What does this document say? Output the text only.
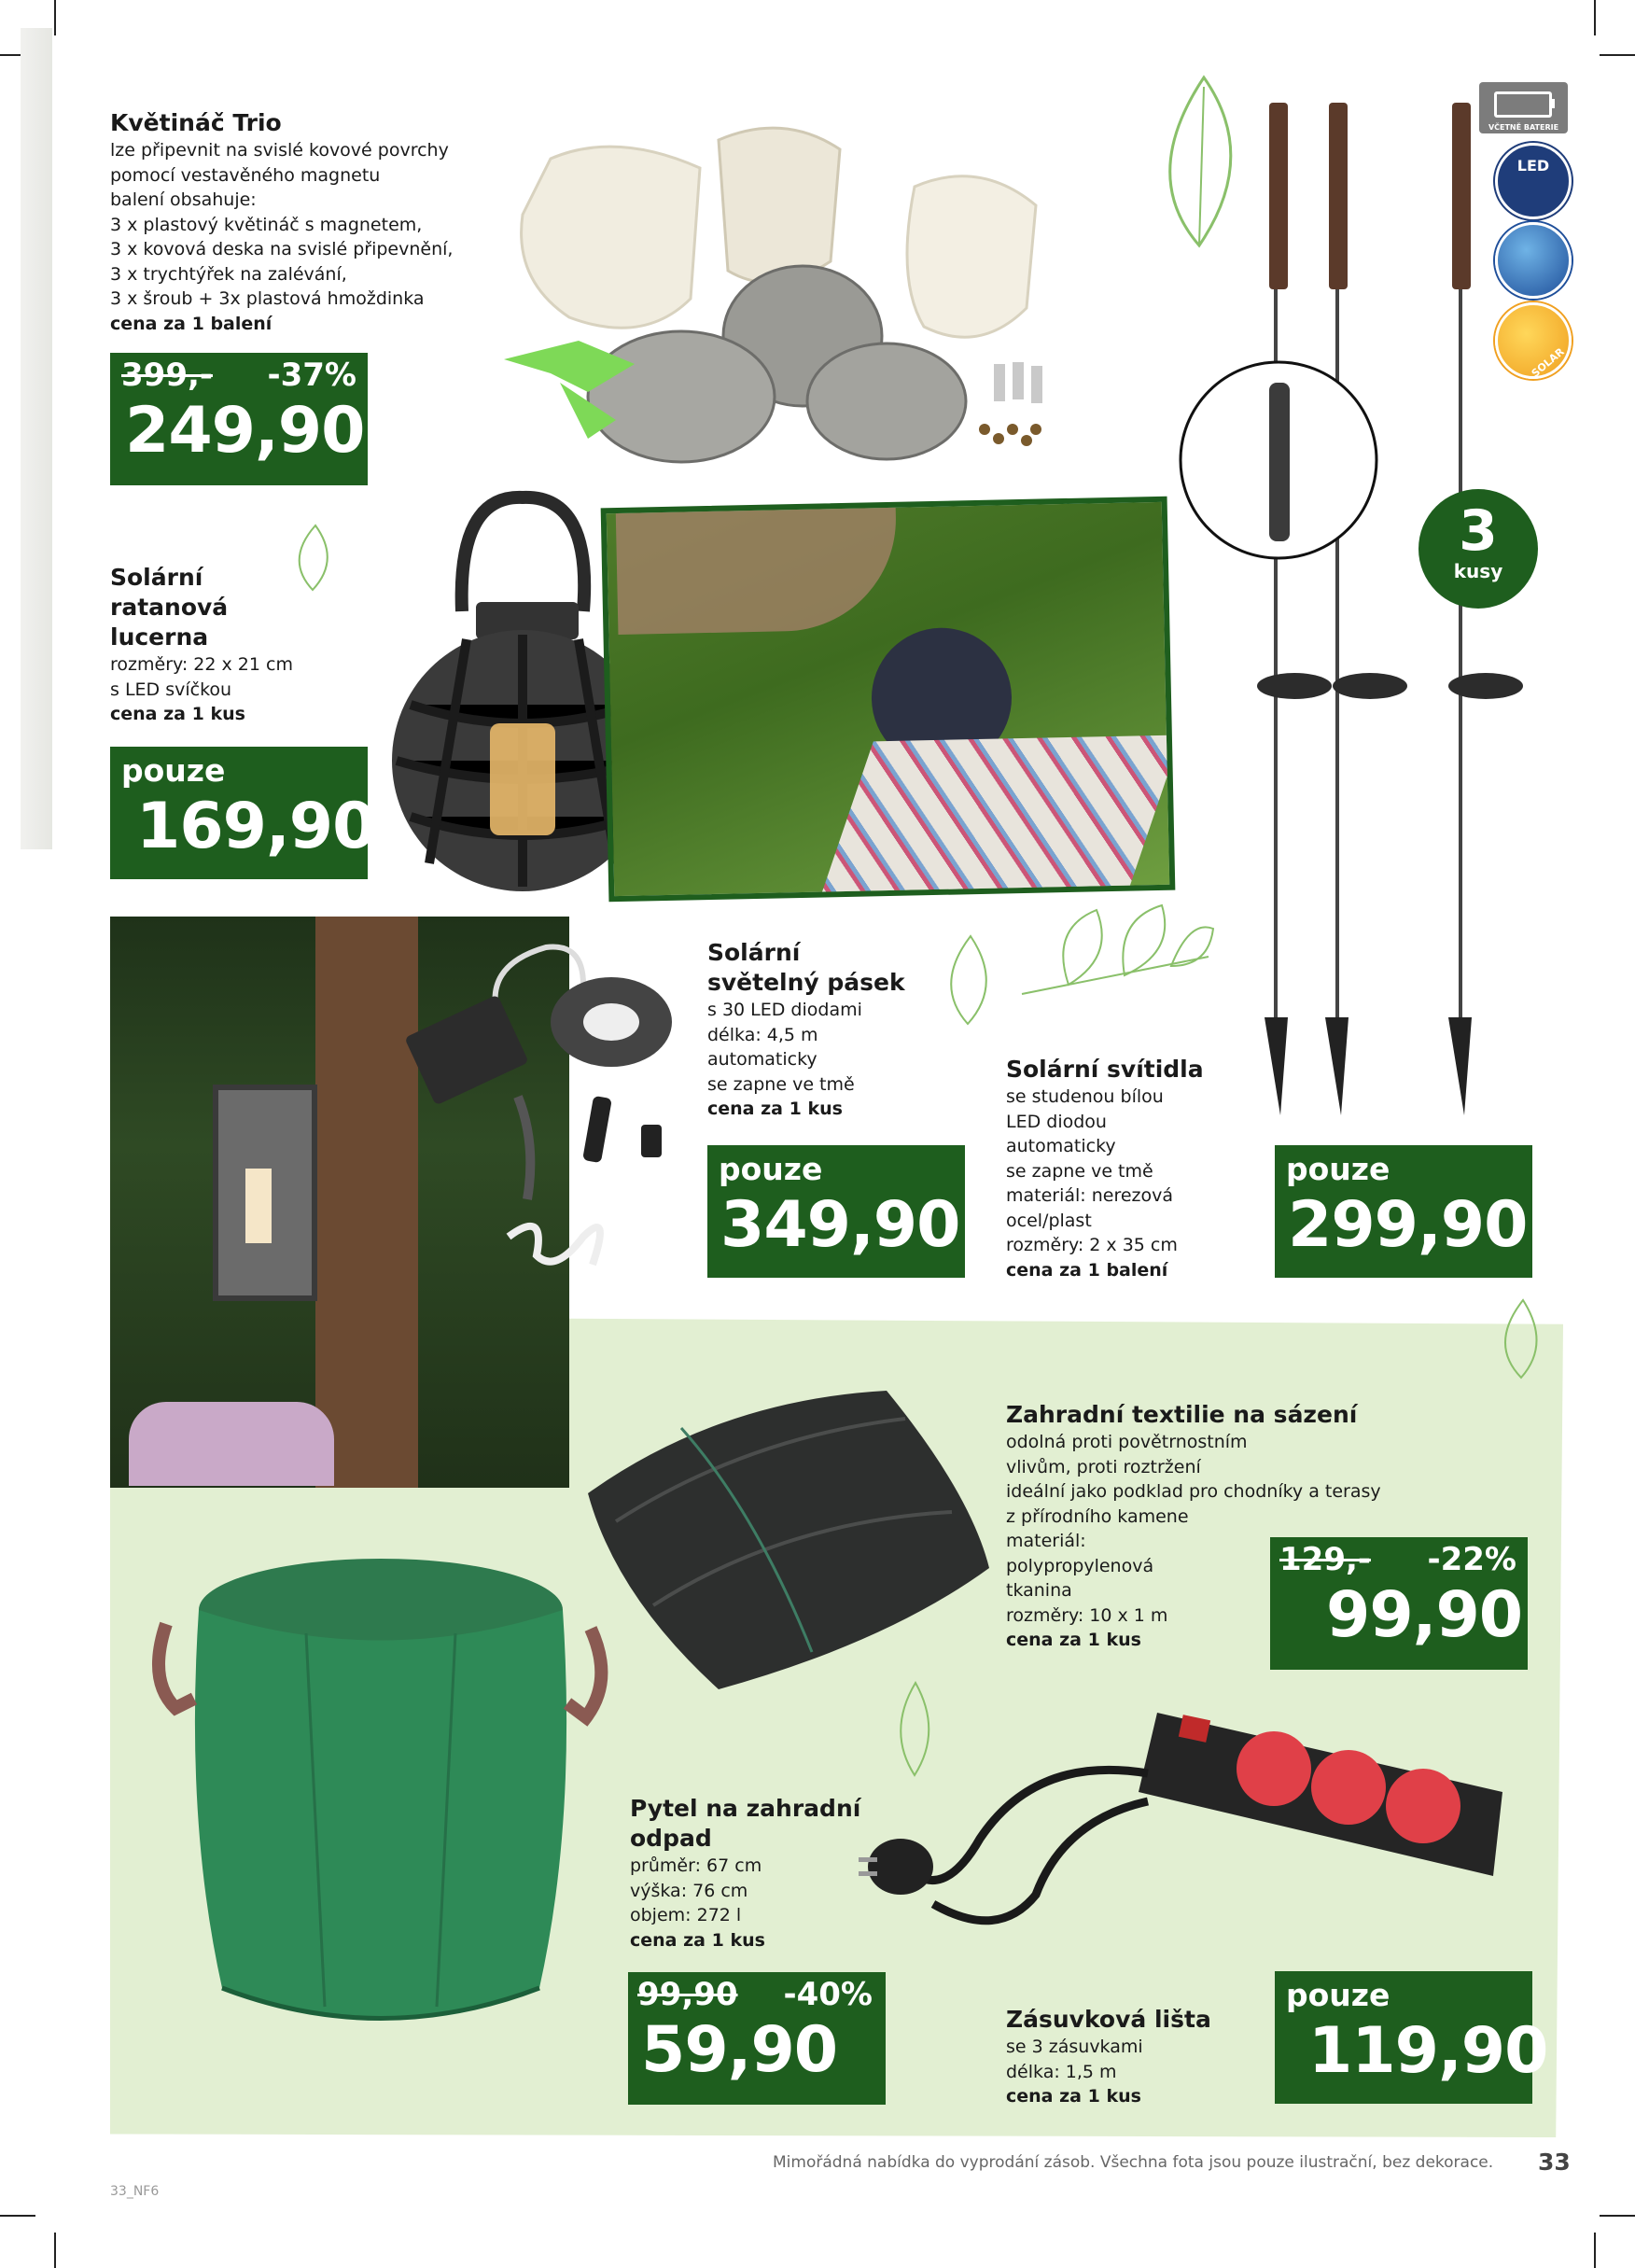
Květináč Trio
lze připevnit na svislé kovové povrchy
pomocí vestavěného magnetu
balení obsahuje:
3 x plastový květináč s magnetem,
3 x kovová deska na svislé připevnění,
3 x trychtýřek na zalévání,
3 x šroub + 3x plastová hmoždinka
cena za 1 balení
399,- -37%
249,90
VČETNĚ BATERIE
LED
SOLAR
3
kusy
Solární
ratanová
lucerna
rozměry: 22 x 21 cm
s LED svíčkou
cena za 1 kus
pouze
169,90
Solární
světelný pásek
s 30 LED diodami
délka: 4,5 m
automaticky
se zapne ve tmě
cena za 1 kus
pouze
349,90
Solární svítidla
se studenou bílou
LED diodou
automaticky
se zapne ve tmě
materiál: nerezová
ocel/plast
rozměry: 2 x 35 cm
cena za 1 balení
pouze
299,90
Zahradní textilie na sázení
odolná proti povětrnostním
vlivům, proti roztržení
ideální jako podklad pro chodníky a terasy
z přírodního kamene
materiál:
polypropylenová
tkanina
rozměry: 10 x 1 m
cena za 1 kus
129,- -22%
99,90
Pytel na zahradní
odpad
průměr: 67 cm
výška: 76 cm
objem: 272 l
cena za 1 kus
99,90 -40%
59,90	Zásuvková lišta
se 3 zásuvkami
délka: 1,5 m
cena za 1 kus
pouze
119,90
Mimořádná nabídka do vyprodání zásob. Všechna fota jsou pouze ilustrační, bez dekorace.	33
33_NF6
